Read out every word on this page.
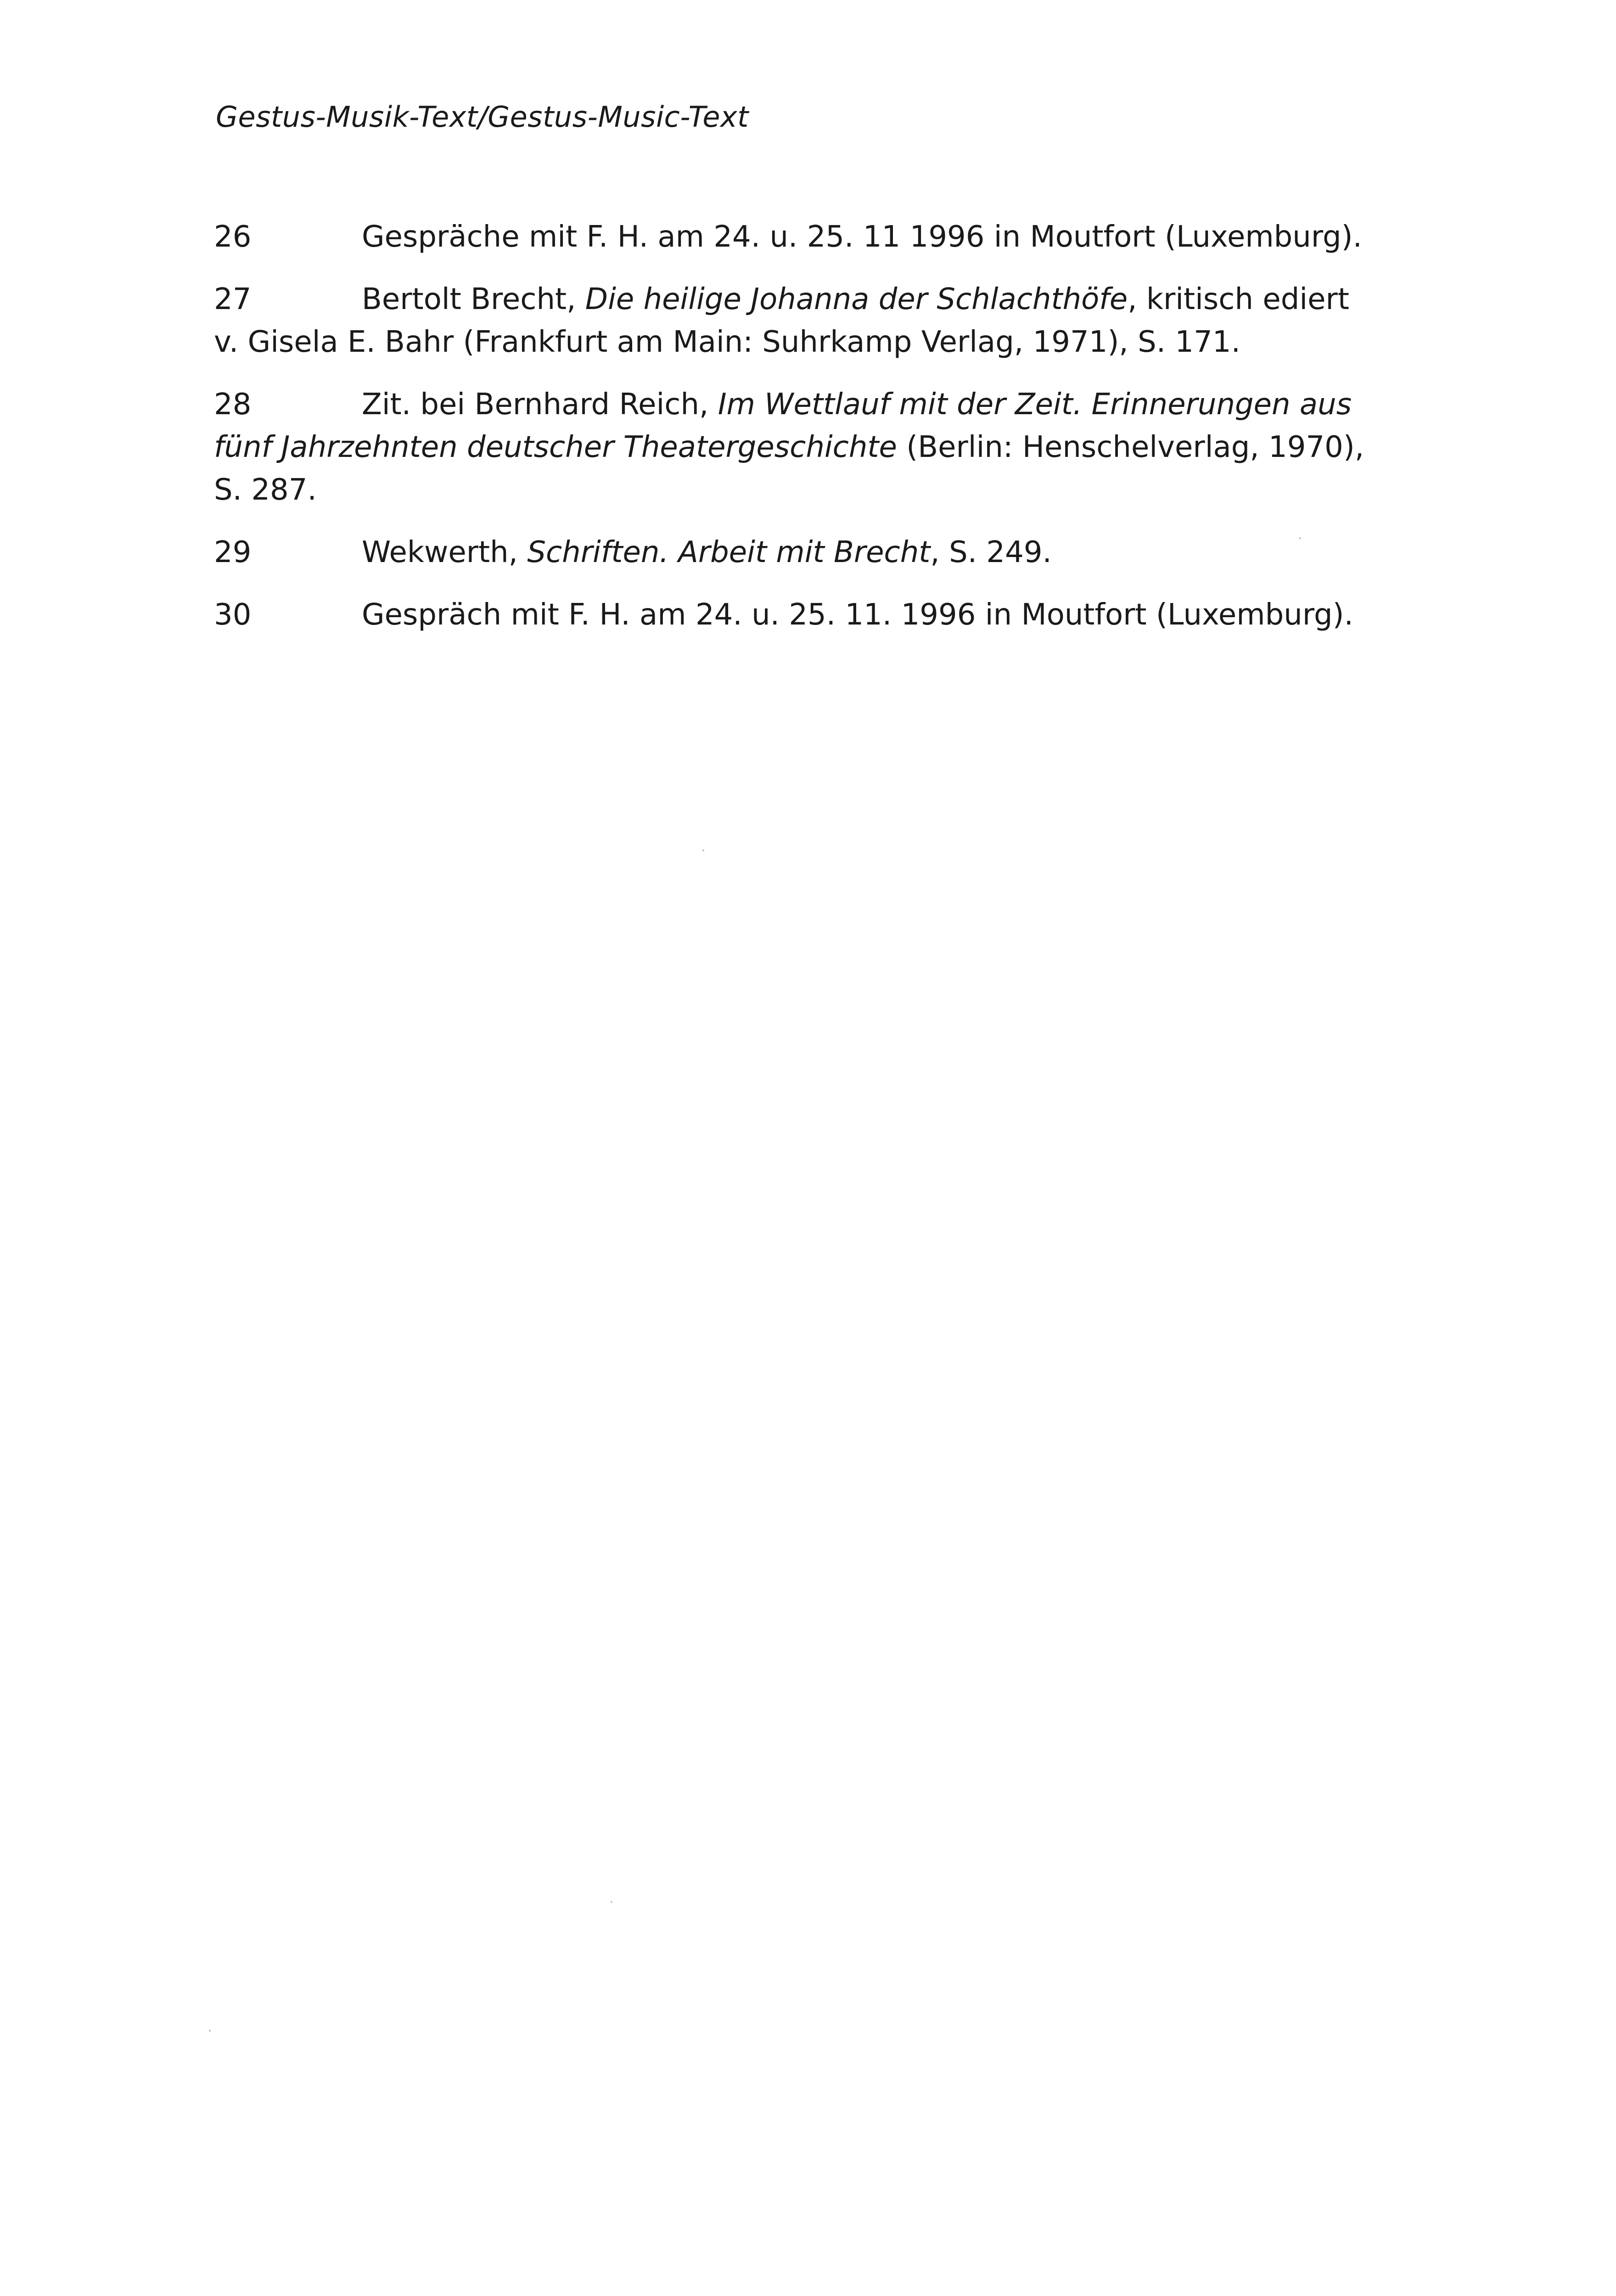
Gestus-Musik-Text/Gestus-Music-Text

26	Gespräche mit F. H. am 24. u. 25. 11 1996 in Moutfort (Luxemburg).

27	Bertolt Brecht, Die heilige Johanna der Schlachthöfe, kritisch ediert v. Gisela E. Bahr (Frankfurt am Main: Suhrkamp Verlag, 1971), S. 171.

28	Zit. bei Bernhard Reich, Im Wettlauf mit der Zeit. Erinnerungen aus fünf Jahrzehnten deutscher Theatergeschichte (Berlin: Henschelverlag, 1970), S. 287.

29	Wekwerth, Schriften. Arbeit mit Brecht, S. 249.

30	Gespräch mit F. H. am 24. u. 25. 11. 1996 in Moutfort (Luxemburg).
